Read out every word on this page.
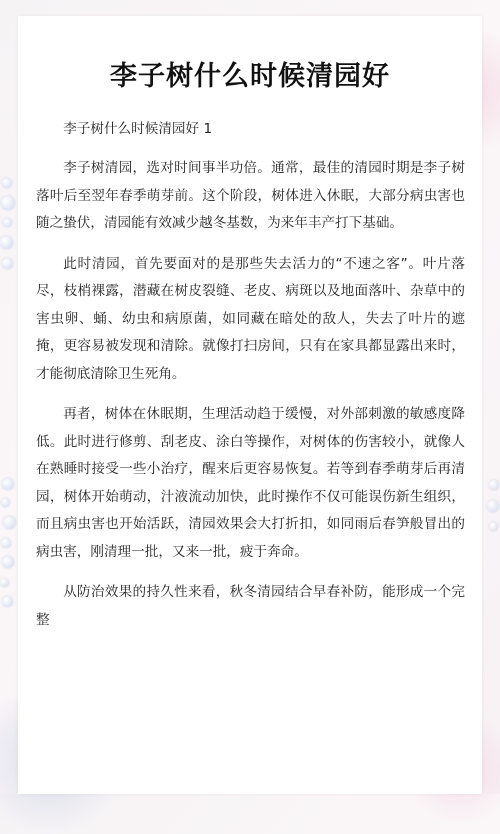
李子树什么时候清园好

李子树什么时候清园好 1

李子树清园，选对时间事半功倍。通常，最佳的清园时期是李子树落叶后至翌年春季萌芽前。这个阶段，树体进入休眠，大部分病虫害也随之蛰伏，清园能有效减少越冬基数，为来年丰产打下基础。

此时清园，首先要面对的是那些失去活力的“不速之客”。叶片落尽，枝梢裸露，潜藏在树皮裂缝、老皮、病斑以及地面落叶、杂草中的害虫卵、蛹、幼虫和病原菌，如同藏在暗处的敌人，失去了叶片的遮掩，更容易被发现和清除。就像打扫房间，只有在家具都显露出来时，才能彻底清除卫生死角。

再者，树体在休眠期，生理活动趋于缓慢，对外部刺激的敏感度降低。此时进行修剪、刮老皮、涂白等操作，对树体的伤害较小，就像人在熟睡时接受一些小治疗，醒来后更容易恢复。若等到春季萌芽后再清园，树体开始萌动，汁液流动加快，此时操作不仅可能误伤新生组织，而且病虫害也开始活跃，清园效果会大打折扣，如同雨后春笋般冒出的病虫害，刚清理一批，又来一批，疲于奔命。

从防治效果的持久性来看，秋冬清园结合早春补防，能形成一个完整
